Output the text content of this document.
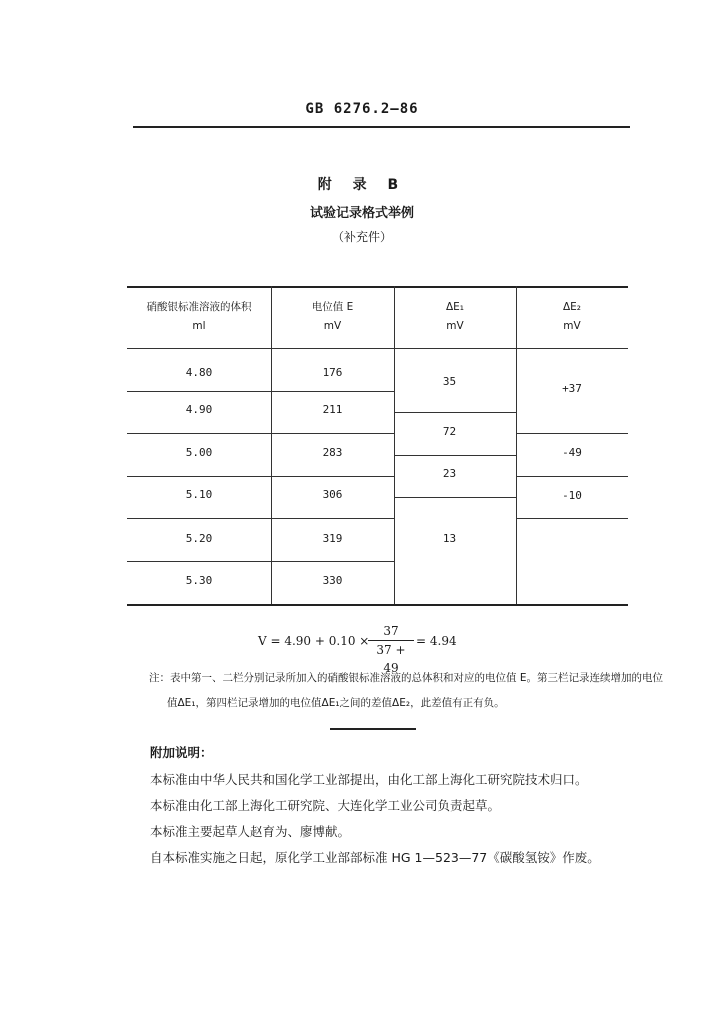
GB 6276.2—86
附 录 B
试验记录格式举例
（补充件）
硝酸银标准溶液的体积
ml
电位值 E
mV
ΔE₁
mV
ΔE₂
mV
4.80
4.90
5.00
5.10
5.20
5.30
176
211
283
306
319
330
35
72
23
13
+37
-49
-10
V = 4.90 + 0.10 ×
$\frac{37}{37 + 49} = 4.94$
注：表中第一、二栏分别记录所加入的硝酸银标准溶液的总体积和对应的电位值 E。第三栏记录连续增加的电位
值ΔE₁，第四栏记录增加的电位值ΔE₁之间的差值ΔE₂，此差值有正有负。
附加说明：
本标准由中华人民共和国化学工业部提出，由化工部上海化工研究院技术归口。
本标准由化工部上海化工研究院、大连化学工业公司负责起草。
本标准主要起草人赵育为、廖博献。
自本标准实施之日起，原化学工业部部标准 HG 1—523—77《碳酸氢铵》作废。
